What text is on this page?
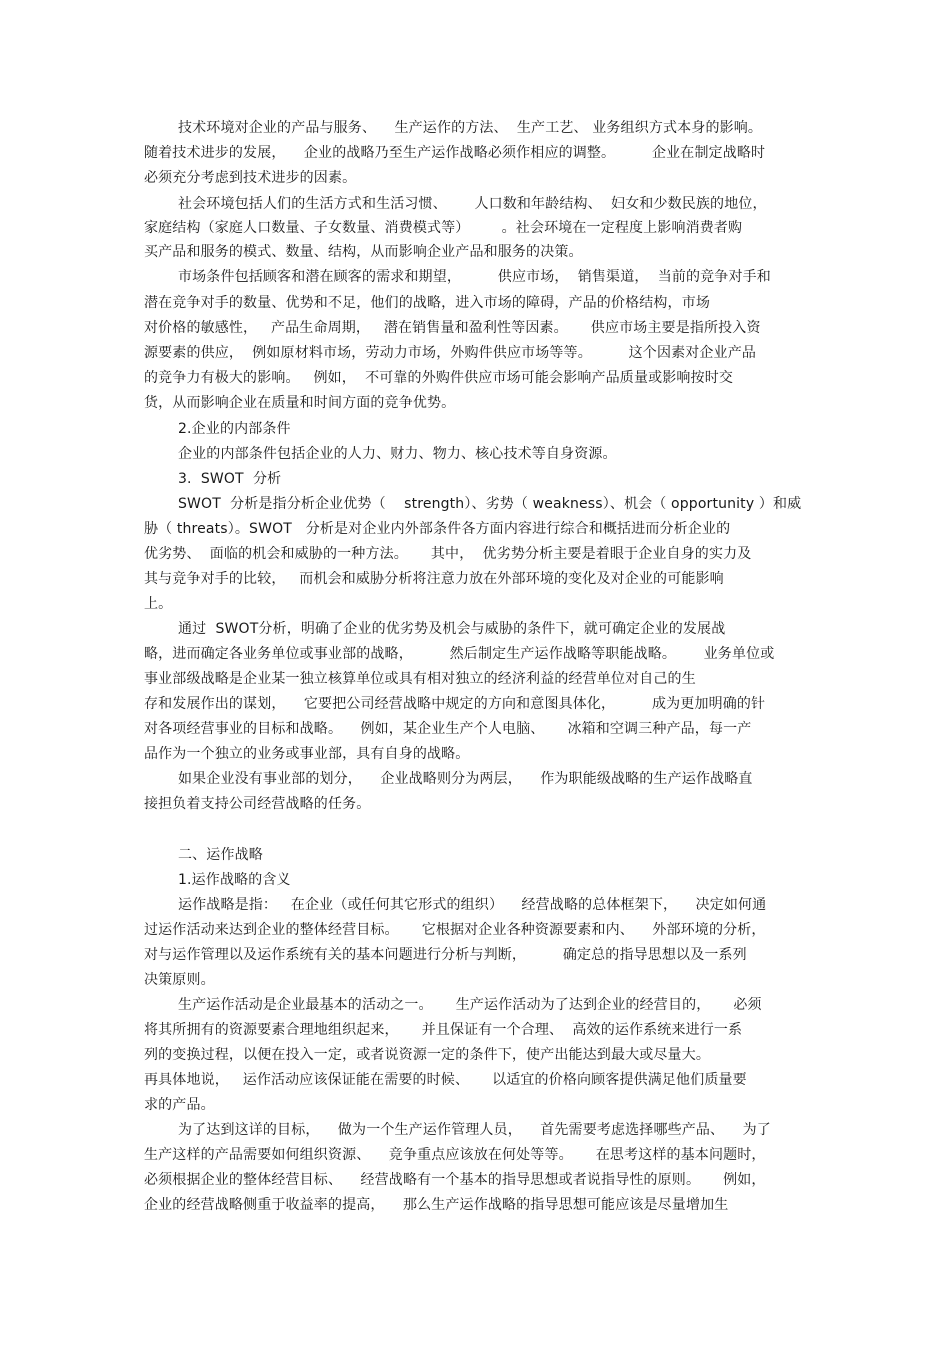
技术环境对企业的产品与服务、    生产运作的方法、  生产工艺、 业务组织方式本身的影响。
随着技术进步的发展，    企业的战略乃至生产运作战略必须作相应的调整。        企业在制定战略时
必须充分考虑到技术进步的因素。
社会环境包括人们的生活方式和生活习惯、      人口数和年龄结构、  妇女和少数民族的地位，
家庭结构（家庭人口数量、子女数量、消费模式等）       。社会环境在一定程度上影响消费者购
买产品和服务的模式、数量、结构，从而影响企业产品和服务的决策。
市场条件包括顾客和潜在顾客的需求和期望，        供应市场，  销售渠道，  当前的竞争对手和
潜在竞争对手的数量、优势和不足，他们的战略，进入市场的障碍，产品的价格结构，市场
对价格的敏感性，   产品生命周期，   潜在销售量和盈利性等因素。     供应市场主要是指所投入资
源要素的供应，  例如原材料市场，劳动力市场，外购件供应市场等等。        这个因素对企业产品
的竞争力有极大的影响。   例如，  不可靠的外购件供应市场可能会影响产品质量或影响按时交
货，从而影响企业在质量和时间方面的竞争优势。
2.企业的内部条件
企业的内部条件包括企业的人力、财力、物力、核心技术等自身资源。
3.  SWOT  分析
SWOT  分析是指分析企业优势（    strength）、劣势（ weakness）、机会（ opportunity ）和威
胁（ threats）。SWOT   分析是对企业内外部条件各方面内容进行综合和概括进而分析企业的
优劣势、  面临的机会和威胁的一种方法。     其中，  优劣势分析主要是着眼于企业自身的实力及
其与竞争对手的比较，   而机会和威胁分析将注意力放在外部环境的变化及对企业的可能影响
上。
通过  SWOT分析，明确了企业的优劣势及机会与威胁的条件下，就可确定企业的发展战
略，进而确定各业务单位或事业部的战略，        然后制定生产运作战略等职能战略。      业务单位或
事业部级战略是企业某一独立核算单位或具有相对独立的经济利益的经营单位对自己的生
存和发展作出的谋划，    它要把公司经营战略中规定的方向和意图具体化，        成为更加明确的针
对各项经营事业的目标和战略。    例如，某企业生产个人电脑、     冰箱和空调三种产品，每一产
品作为一个独立的业务或事业部，具有自身的战略。
如果企业没有事业部的划分，    企业战略则分为两层，    作为职能级战略的生产运作战略直
接担负着支持公司经营战略的任务。
二、运作战略
1.运作战略的含义
运作战略是指：   在企业（或任何其它形式的组织）    经营战略的总体框架下，    决定如何通
过运作活动来达到企业的整体经营目标。     它根据对企业各种资源要素和内、    外部环境的分析，
对与运作管理以及运作系统有关的基本问题进行分析与判断，        确定总的指导思想以及一系列
决策原则。
生产运作活动是企业最基本的活动之一。     生产运作活动为了达到企业的经营目的，     必须
将其所拥有的资源要素合理地组织起来，     并且保证有一个合理、  高效的运作系统来进行一系
列的变换过程，以便在投入一定，或者说资源一定的条件下，使产出能达到最大或尽量大。
再具体地说，   运作活动应该保证能在需要的时候、     以适宜的价格向顾客提供满足他们质量要
求的产品。
为了达到这详的目标，    做为一个生产运作管理人员，    首先需要考虑选择哪些产品、    为了
生产这样的产品需要如何组织资源、    竞争重点应该放在何处等等。     在思考这样的基本问题时，
必须根据企业的整体经营目标、    经营战略有一个基本的指导思想或者说指导性的原则。     例如，
企业的经营战略侧重于收益率的提高，    那么生产运作战略的指导思想可能应该是尽量增加生
